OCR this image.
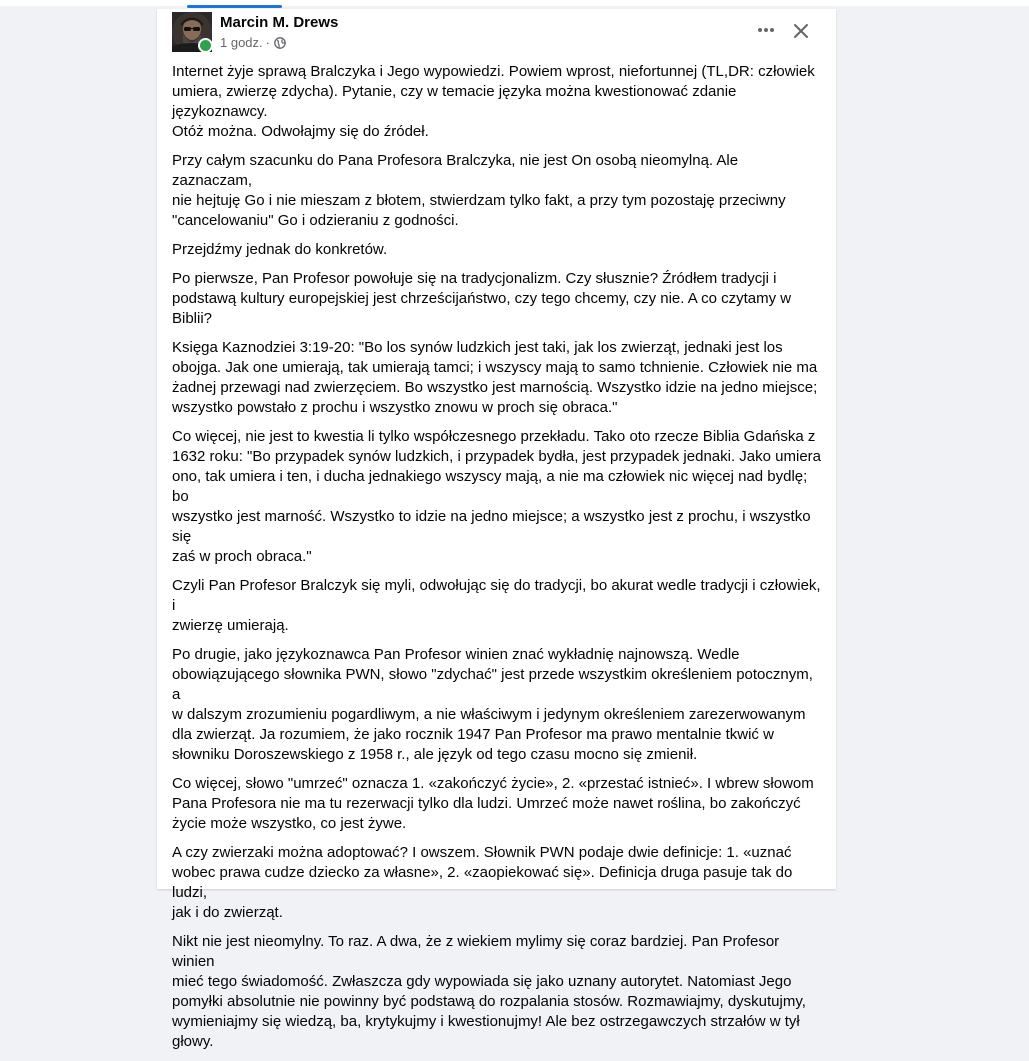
Marcin M. Drews
1 godz. ·

Internet żyje sprawą Bralczyka i Jego wypowiedzi. Powiem wprost, niefortunnej (TL,DR: człowiek
umiera, zwierzę zdycha). Pytanie, czy w temacie języka można kwestionować zdanie językoznawcy.
Otóż można. Odwołajmy się do źródeł.

Przy całym szacunku do Pana Profesora Bralczyka, nie jest On osobą nieomylną. Ale zaznaczam,
nie hejtuję Go i nie mieszam z błotem, stwierdzam tylko fakt, a przy tym pozostaję przeciwny
"cancelowaniu" Go i odzieraniu z godności.

Przejdźmy jednak do konkretów.

Po pierwsze, Pan Profesor powołuje się na tradycjonalizm. Czy słusznie? Źródłem tradycji i
podstawą kultury europejskiej jest chrześcijaństwo, czy tego chcemy, czy nie. A co czytamy w
Biblii?

Księga Kaznodziei 3:19-20: "Bo los synów ludzkich jest taki, jak los zwierząt, jednaki jest los
obojga. Jak one umierają, tak umierają tamci; i wszyscy mają to samo tchnienie. Człowiek nie ma
żadnej przewagi nad zwierzęciem. Bo wszystko jest marnością. Wszystko idzie na jedno miejsce;
wszystko powstało z prochu i wszystko znowu w proch się obraca."

Co więcej, nie jest to kwestia li tylko współczesnego przekładu. Tako oto rzecze Biblia Gdańska z
1632 roku: "Bo przypadek synów ludzkich, i przypadek bydła, jest przypadek jednaki. Jako umiera
ono, tak umiera i ten, i ducha jednakiego wszyscy mają, a nie ma człowiek nic więcej nad bydlę; bo
wszystko jest marność. Wszystko to idzie na jedno miejsce; a wszystko jest z prochu, i wszystko się
zaś w proch obraca."

Czyli Pan Profesor Bralczyk się myli, odwołując się do tradycji, bo akurat wedle tradycji i człowiek, i
zwierzę umierają.

Po drugie, jako językoznawca Pan Profesor winien znać wykładnię najnowszą. Wedle
obowiązującego słownika PWN, słowo "zdychać" jest przede wszystkim określeniem potocznym, a
w dalszym zrozumieniu pogardliwym, a nie właściwym i jedynym określeniem zarezerwowanym
dla zwierząt. Ja rozumiem, że jako rocznik 1947 Pan Profesor ma prawo mentalnie tkwić w
słowniku Doroszewskiego z 1958 r., ale język od tego czasu mocno się zmienił.

Co więcej, słowo "umrzeć" oznacza 1. «zakończyć życie», 2. «przestać istnieć». I wbrew słowom
Pana Profesora nie ma tu rezerwacji tylko dla ludzi. Umrzeć może nawet roślina, bo zakończyć
życie może wszystko, co jest żywe.

A czy zwierzaki można adoptować? I owszem. Słownik PWN podaje dwie definicje: 1. «uznać
wobec prawa cudze dziecko za własne», 2. «zaopiekować się». Definicja druga pasuje tak do ludzi,
jak i do zwierząt.

Nikt nie jest nieomylny. To raz. A dwa, że z wiekiem mylimy się coraz bardziej. Pan Profesor winien
mieć tego świadomość. Zwłaszcza gdy wypowiada się jako uznany autorytet. Natomiast Jego
pomyłki absolutnie nie powinny być podstawą do rozpalania stosów. Rozmawiajmy, dyskutujmy,
wymieniajmy się wiedzą, ba, krytykujmy i kwestionujmy! Ale bez ostrzegawczych strzałów w tył
głowy.
